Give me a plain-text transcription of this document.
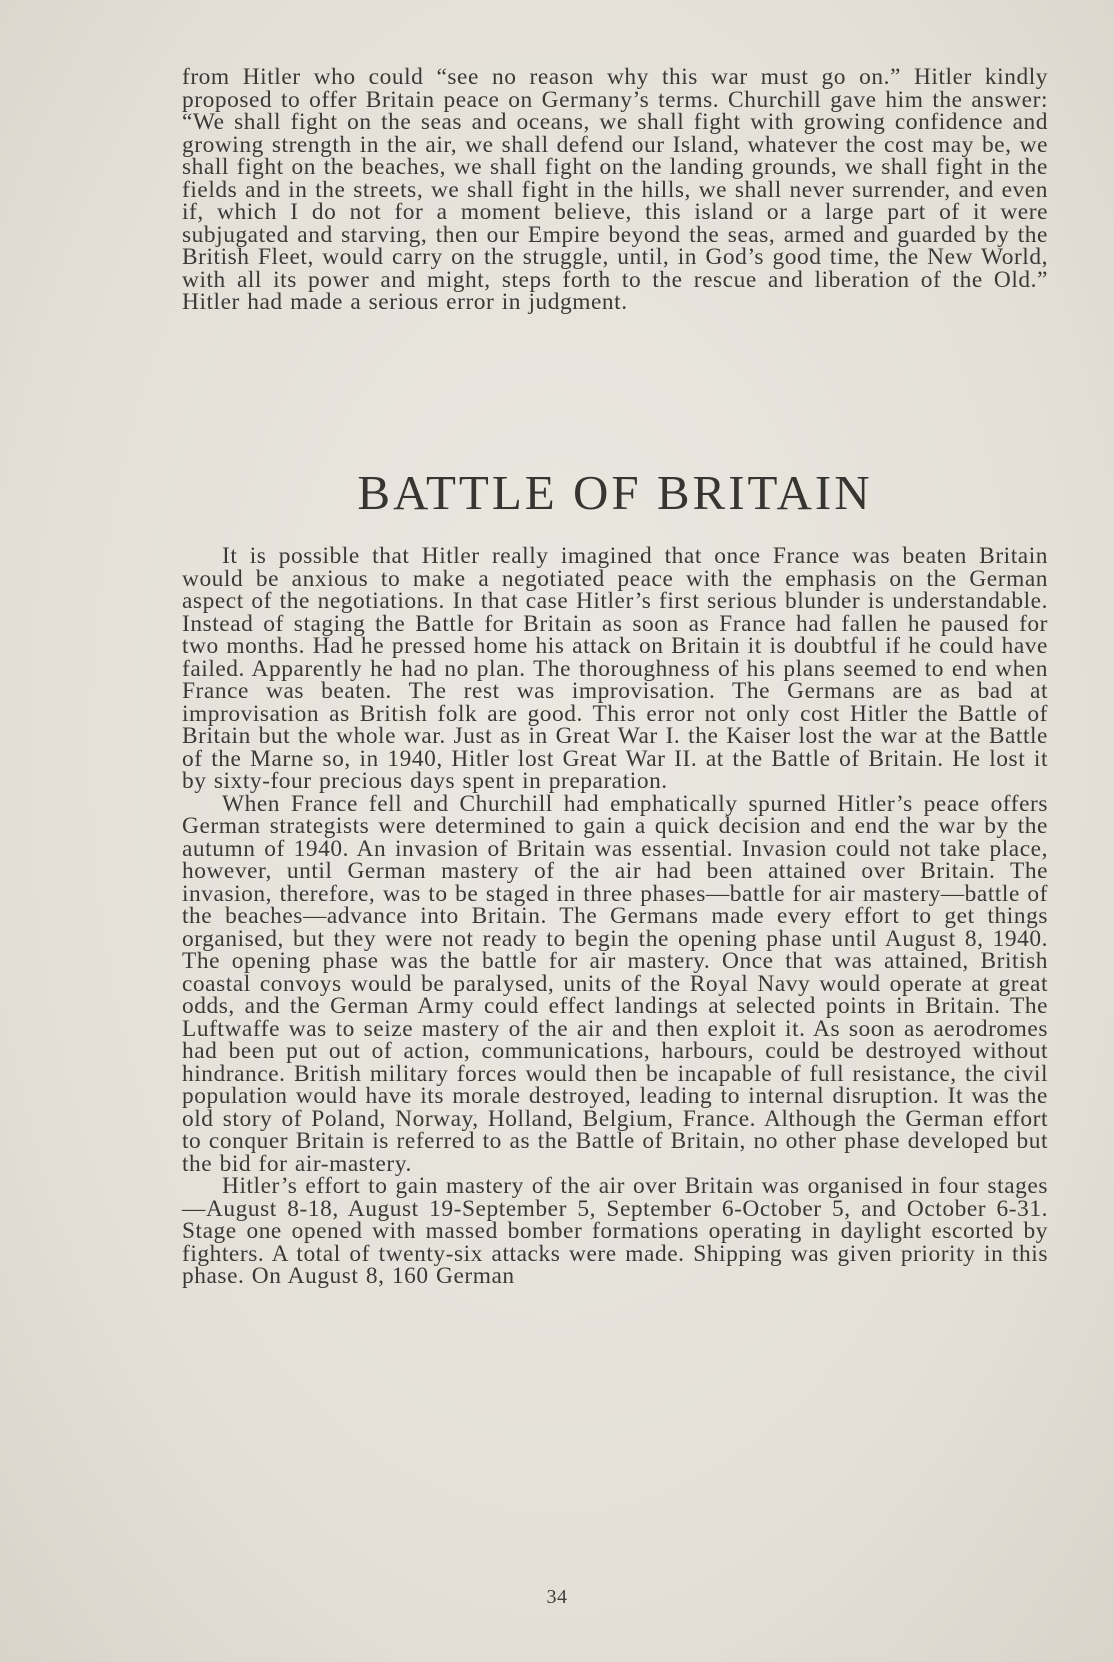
from Hitler who could “see no reason why this war must go on.” Hitler kindly proposed to offer Britain peace on Germany’s terms. Churchill gave him the answer: “We shall fight on the seas and oceans, we shall fight with growing confidence and growing strength in the air, we shall defend our Island, whatever the cost may be, we shall fight on the beaches, we shall fight on the landing grounds, we shall fight in the fields and in the streets, we shall fight in the hills, we shall never surrender, and even if, which I do not for a moment believe, this island or a large part of it were subjugated and starving, then our Empire beyond the seas, armed and guarded by the British Fleet, would carry on the struggle, until, in God’s good time, the New World, with all its power and might, steps forth to the rescue and liberation of the Old.” Hitler had made a serious error in judgment.

BATTLE OF BRITAIN

It is possible that Hitler really imagined that once France was beaten Britain would be anxious to make a negotiated peace with the emphasis on the German aspect of the negotiations. In that case Hitler’s first serious blunder is understandable. Instead of staging the Battle for Britain as soon as France had fallen he paused for two months. Had he pressed home his attack on Britain it is doubtful if he could have failed. Apparently he had no plan. The thoroughness of his plans seemed to end when France was beaten. The rest was improvisation. The Germans are as bad at improvisation as British folk are good. This error not only cost Hitler the Battle of Britain but the whole war. Just as in Great War I. the Kaiser lost the war at the Battle of the Marne so, in 1940, Hitler lost Great War II. at the Battle of Britain. He lost it by sixty-four precious days spent in preparation.

When France fell and Churchill had emphatically spurned Hitler’s peace offers German strategists were determined to gain a quick decision and end the war by the autumn of 1940. An invasion of Britain was essential. Invasion could not take place, however, until German mastery of the air had been attained over Britain. The invasion, therefore, was to be staged in three phases—battle for air mastery—battle of the beaches—advance into Britain. The Germans made every effort to get things organised, but they were not ready to begin the opening phase until August 8, 1940. The opening phase was the battle for air mastery. Once that was attained, British coastal convoys would be paralysed, units of the Royal Navy would operate at great odds, and the German Army could effect landings at selected points in Britain. The Luftwaffe was to seize mastery of the air and then exploit it. As soon as aerodromes had been put out of action, communications, harbours, could be destroyed without hindrance. British military forces would then be incapable of full resistance, the civil population would have its morale destroyed, leading to internal disruption. It was the old story of Poland, Norway, Holland, Belgium, France. Although the German effort to conquer Britain is referred to as the Battle of Britain, no other phase developed but the bid for air-mastery.

Hitler’s effort to gain mastery of the air over Britain was organised in four stages—August 8-18, August 19-September 5, September 6-October 5, and October 6-31. Stage one opened with massed bomber formations operating in daylight escorted by fighters. A total of twenty-six attacks were made. Shipping was given priority in this phase. On August 8, 160 German

34
